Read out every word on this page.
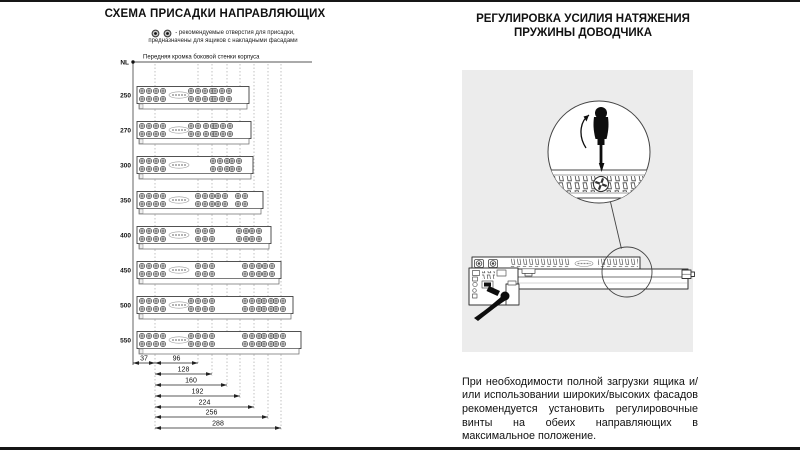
СХЕМА ПРИСАДКИ НАПРАВЛЯЮЩИХ
- рекомендуемые отверстия для присадки,
предназначены для ящиков с накладными фасадами
NL
Передняя кромка боковой стенки корпуса
250
270
300
350
400
450
500
550
37	96
128
160
192
224
256
288
РЕГУЛИРОВКА УСИЛИЯ НАТЯЖЕНИЯ
ПРУЖИНЫ ДОВОДЧИКА

При необходимости полной загрузки ящика и/или использовании широких/высоких фасадов рекомендуется установить регулировочные винты на обеих направляющих в максимальное положение.
